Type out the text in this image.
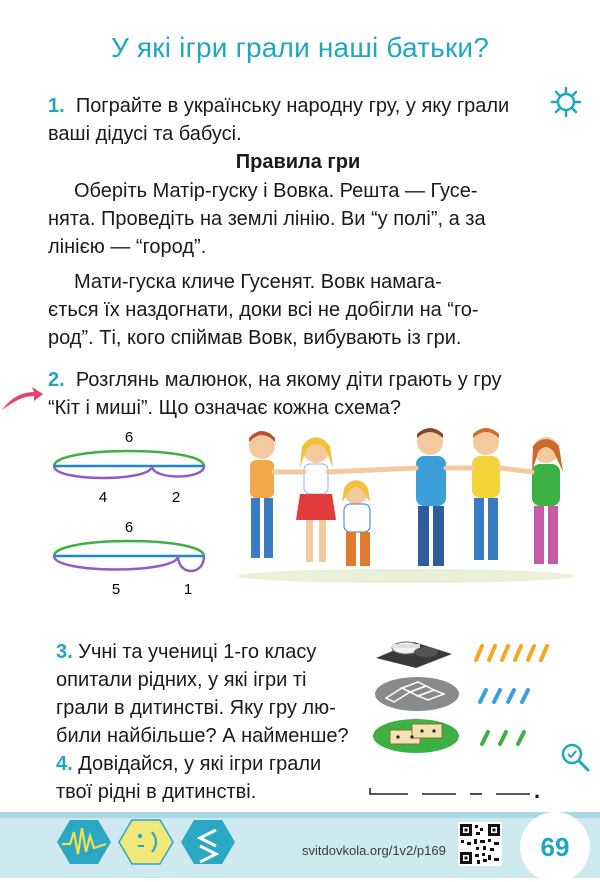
У які ігри грали наші батьки?
1. Пограйте в українську народну гру, у яку грали
ваші дідусі та бабусі.
Правила гри
Оберіть Матір-гуску і Вовка. Решта — Гусе-
нята. Проведіть на землі лінію. Ви “у полі”, а за
лінією — “город”.
Мати-гуска кличе Гусенят. Вовк намага-
ється їх наздогнати, доки всі не добігли на “го-
род”. Ті, кого спіймав Вовк, вибувають із гри.
2. Розглянь малюнок, на якому діти грають у гру
“Кіт і миші”. Що означає кожна схема?
6
4	2
6
5	1
3. Учні та учениці 1-го класу
опитали рідних, у які ігри ті
грали в дитинстві. Яку гру лю-
били найбільше? А найменше?
4. Довідайся, у які ігри грали
твої рідні в дитинстві.	.
svitdovkola.org/1v2/p169	69
